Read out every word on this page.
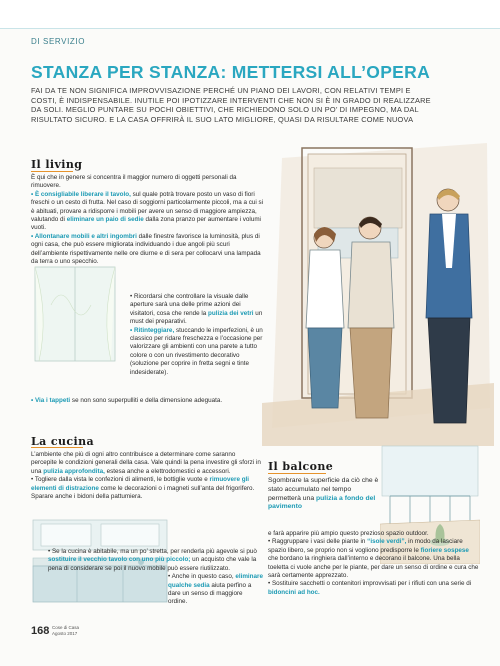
DI SERVIZIO
STANZA PER STANZA: METTERSI ALL’OPERA
FAI DA TE NON SIGNIFICA IMPROVVISAZIONE PERCHÉ UN PIANO DEI LAVORI, CON RELATIVI TEMPI E COSTI, È INDISPENSABILE. INUTILE POI IPOTIZZARE INTERVENTI CHE NON SI È IN GRADO DI REALIZZARE DA SOLI. MEGLIO PUNTARE SU POCHI OBIETTIVI, CHE RICHIEDONO SOLO UN PO’ DI IMPEGNO, MA DAL RISULTATO SICURO. E LA CASA OFFRIRÀ IL SUO LATO MIGLIORE, QUASI DA RISULTARE COME NUOVA
Il living

È qui che in genere si concentra il maggior numero di oggetti personali da rimuovere.

• È consigliabile liberare il tavolo, sul quale potrà trovare posto un vaso di fiori freschi o un cesto di frutta. Nel caso di soggiorni particolarmente piccoli, ma a cui si è abituati, provare a ridisporre i mobili per avere un senso di maggiore ampiezza, valutando di eliminare un paio di sedie dalla zona pranzo per aumentare i volumi vuoti.

• Allontanare mobili e altri ingombri dalle finestre favorisce la luminosità, plus di ogni casa, che può essere migliorata individuando i due angoli più scuri dell’ambiente rispettivamente nelle ore diurne e di sera per collocarvi una lampada da terra o uno specchio.

• Ricordarsi che controllare la visuale dalle aperture sarà una delle prime azioni dei visitatori, cosa che rende la pulizia dei vetri un must dei preparativi.

• Ritinteggiare, stuccando le imperfezioni, è un classico per ridare freschezza e l’occasione per valorizzare gli ambienti con una parete a tutto colore o con un rivestimento decorativo (soluzione per coprire in fretta segni e tinte indesiderate).

• Via i tappeti se non sono superpulliti e della dimensione adeguata.

La cucina

L’ambiente che più di ogni altro contribuisce a determinare come saranno percepite le condizioni generali della casa. Vale quindi la pena investire gli sforzi in una pulizia approfondita, estesa anche a elettrodomestici e accessori.

• Togliere dalla vista le confezioni di alimenti, le bottiglie vuote e rimuovere gli elementi di distrazione come le decorazioni o i magneti sull’anta del frigorifero. Sparare anche i bidoni della pattumiera.

• Se la cucina è abitabile, ma un po’ stretta, per renderla più agevole si può sostituire il vecchio tavolo con uno più piccolo; un acquisto che vale la pena di considerare se poi il nuovo mobile può essere riutilizzato.

• Anche in questo caso, eliminare qualche sedia aiuta perfino a dare un senso di maggiore ordine.

Il balcone

Sgombrare la superficie da ciò che è stato accumulato nel tempo permetterà una pulizia a fondo del pavimento

e farà apparire più ampio questo prezioso spazio outdoor.

• Raggruppare i vasi delle piante in “isole verdi”, in modo da lasciare spazio libero, se proprio non si vogliono predisporre le fioriere sospese che bordano la ringhiera dall’interno e decorano il balcone. Una bella toeletta ci vuole anche per le piante, per dare un senso di ordine e cura che sarà certamente apprezzato.

• Sostituire sacchetti o contenitori improvvisati per i rifiuti con una serie di bidoncini ad hoc.

168 Cose di Casa
Agosto 2017
